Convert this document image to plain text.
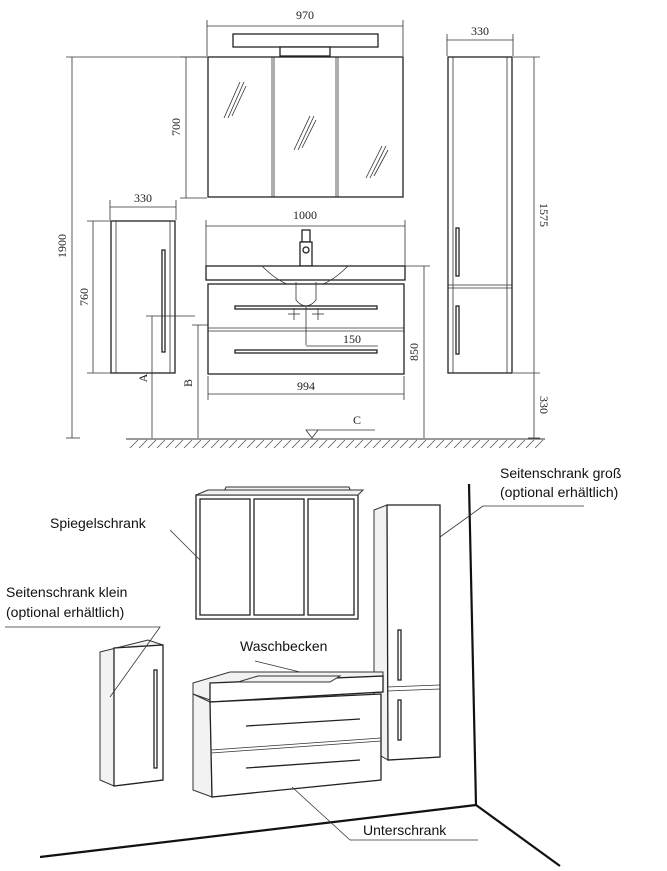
970
700
1900
330
760
A
B
1000
150
994
850
330
1575
330
C
Spiegelschrank
Seitenschrank groß
(optional erhältlich)
Seitenschrank klein
(optional erhältlich)
Waschbecken
Unterschrank
